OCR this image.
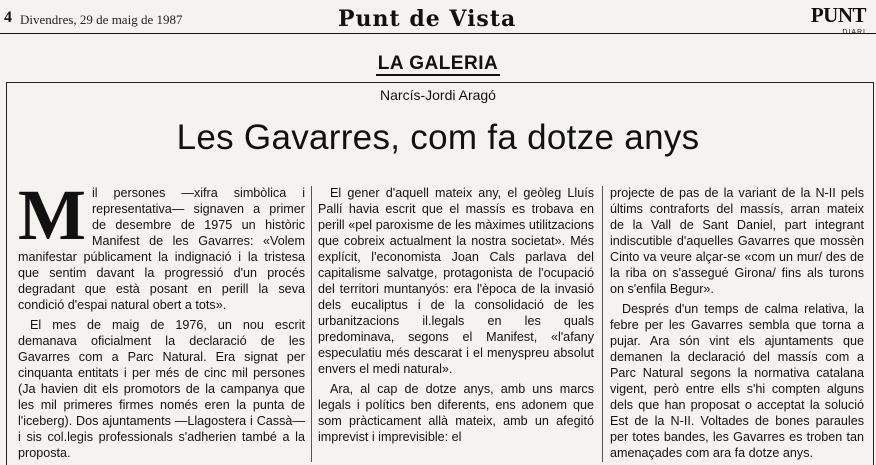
4 Divendres, 29 de maig de 1987	Punt de Vista	PUNT
DIARI
LA GALERIA
Narcís-Jordi Aragó
Les Gavarres, com fa dotze anys

Mil persones —xifra simbòlica i representativa— signaven a primer de desembre de 1975 un històric Manifest de les Gavarres: «Volem manifestar públicament la indignació i la tristesa que sentim davant la progressió d'un procés degradant que està posant en perill la seva condició d'espai natural obert a tots».

El mes de maig de 1976, un nou escrit demanava oficialment la declaració de les Gavarres com a Parc Natural. Era signat per cinquanta entitats i per més de cinc mil persones (Ja havien dit els promotors de la campanya que les mil primeres firmes només eren la punta de l'iceberg). Dos ajuntaments —Llagostera i Cassà— i sis col.legis professionals s'adherien també a la proposta.

El gener d'aquell mateix any, el geòleg Lluís Pallí havia escrit que el massís es trobava en perill «pel paroxisme de les màximes utilitzacions que cobreix actualment la nostra societat». Més explícit, l'economista Joan Cals parlava del capitalisme salvatge, protagonista de l'ocupació del territori muntanyós: era l'època de la invasió dels eucaliptus i de la consolidació de les urbanitzacions il.legals en les quals predominava, segons el Manifest, «l'afany especulatiu més descarat i el menyspreu absolut envers el medi natural».

Ara, al cap de dotze anys, amb uns marcs legals i polítics ben diferents, ens adonem que som pràcticament allà mateix, amb un afegitó imprevist i imprevisible: el

projecte de pas de la variant de la N-II pels últims contraforts del massís, arran mateix de la Vall de Sant Daniel, part integrant indiscutible d'aquelles Gavarres que mossèn Cinto va veure alçar-se «com un mur/ des de la riba on s'assegué Girona/ fins als turons on s'enfila Begur».

Després d'un temps de calma relativa, la febre per les Gavarres sembla que torna a pujar. Ara són vint els ajuntaments que demanen la declaració del massís com a Parc Natural segons la normativa catalana vigent, però entre ells s'hi compten alguns dels que han proposat o acceptat la solució Est de la N-II. Voltades de bones paraules per totes bandes, les Gavarres es troben tan amenaçades com ara fa dotze anys.
